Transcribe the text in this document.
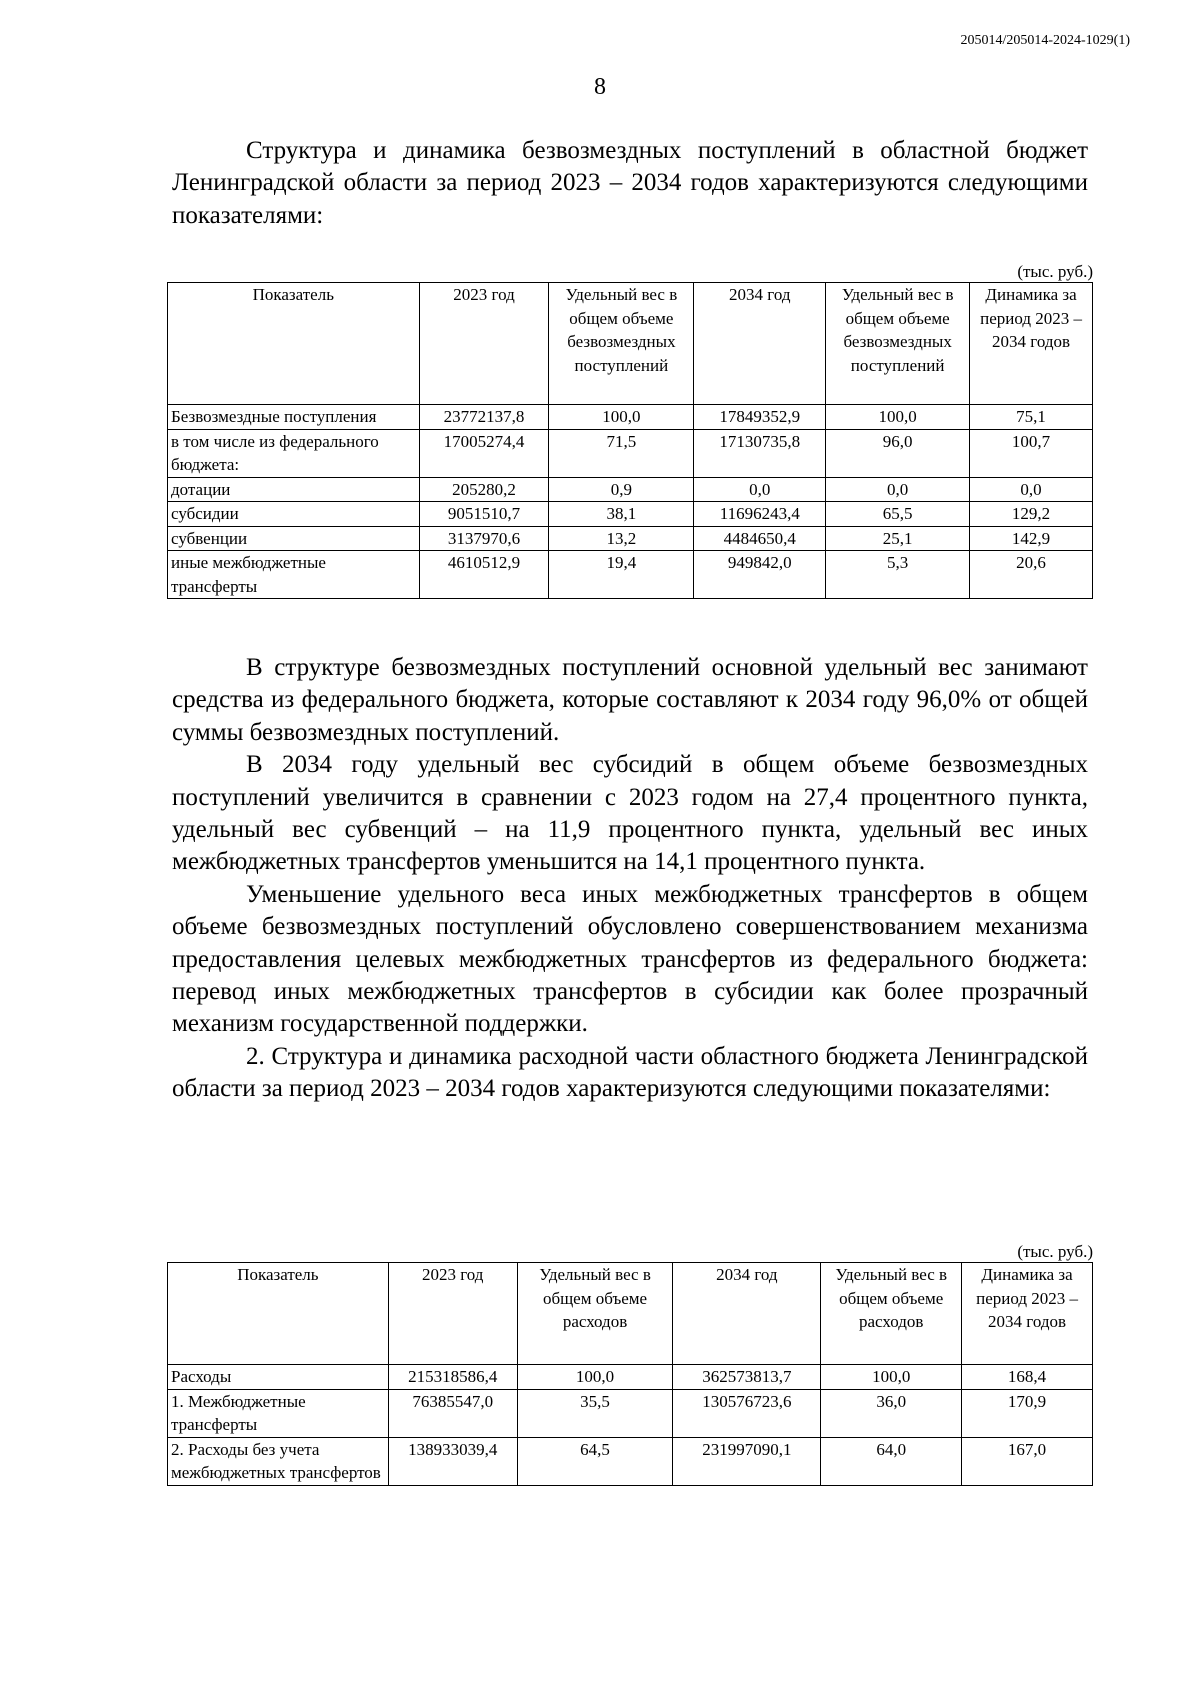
205014/205014-2024-1029(1)
8

Структура и динамика безвозмездных поступлений в областной бюджет Ленинградской области за период 2023 – 2034 годов характеризуются следующими показателями:

(тыс. руб.)
Показатель	2023 год	Удельный вес в общем объеме безвозмездных поступлений	2034 год	Удельный вес в общем объеме безвозмездных поступлений	Динамика за период 2023 – 2034 годов
Безвозмездные поступления	23772137,8	100,0	17849352,9	100,0	75,1
в том числе из федерального бюджета:	17005274,4	71,5	17130735,8	96,0	100,7
дотации	205280,2	0,9	0,0	0,0	0,0
субсидии	9051510,7	38,1	11696243,4	65,5	129,2
субвенции	3137970,6	13,2	4484650,4	25,1	142,9
иные межбюджетные трансферты	4610512,9	19,4	949842,0	5,3	20,6

В структуре безвозмездных поступлений основной удельный вес занимают средства из федерального бюджета, которые составляют к 2034 году 96,0% от общей суммы безвозмездных поступлений.

В 2034 году удельный вес субсидий в общем объеме безвозмездных поступлений увеличится в сравнении с 2023 годом на 27,4 процентного пункта, удельный вес субвенций – на 11,9 процентного пункта, удельный вес иных межбюджетных трансфертов уменьшится на 14,1 процентного пункта.

Уменьшение удельного веса иных межбюджетных трансфертов в общем объеме безвозмездных поступлений обусловлено совершенствованием механизма предоставления целевых межбюджетных трансфертов из федерального бюджета: перевод иных межбюджетных трансфертов в субсидии как более прозрачный механизм государственной поддержки.

2. Структура и динамика расходной части областного бюджета Ленинградской области за период 2023 – 2034 годов характеризуются следующими показателями:

(тыс. руб.)
Показатель	2023 год	Удельный вес в общем объеме расходов	2034 год	Удельный вес в общем объеме расходов	Динамика за период 2023 – 2034 годов
Расходы	215318586,4	100,0	362573813,7	100,0	168,4
1. Межбюджетные трансферты	76385547,0	35,5	130576723,6	36,0	170,9
2. Расходы без учета межбюджетных трансфертов	138933039,4	64,5	231997090,1	64,0	167,0
